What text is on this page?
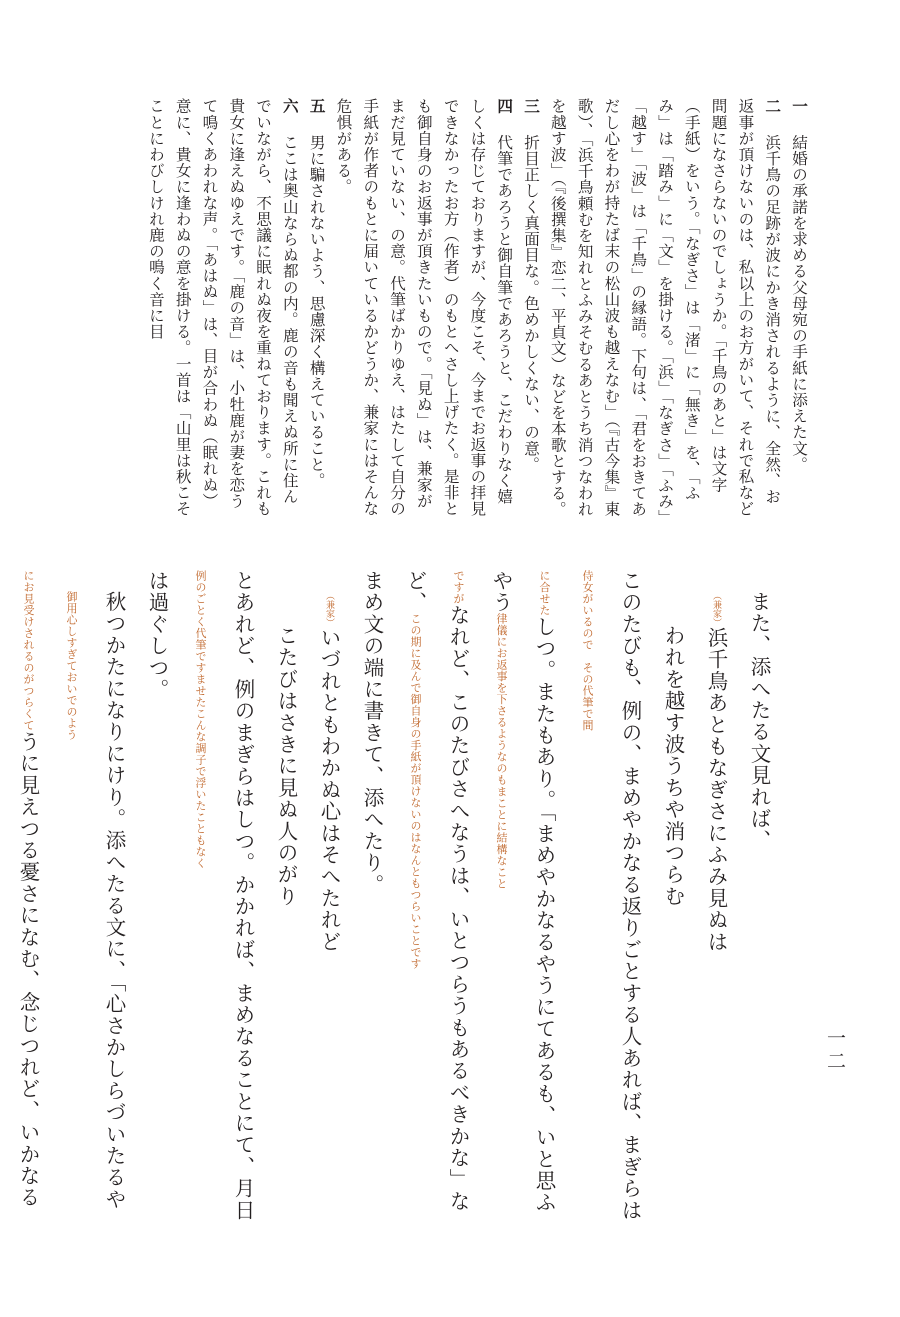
一二

一　結婚の承諾を求める父母宛の手紙に添えた文。

二　浜千鳥の足跡が波にかき消されるように、全然、お返事が頂けないのは、私以上のお方がいて、それで私など問題になさらないのでしょうか。「千鳥のあと」は文字（手紙）をいう。「なぎさ」は「渚」に「無き」を、「ふみ」は「踏み」に「文」を掛ける。「浜」「なぎさ」「ふみ」「越す」「波」は「千鳥」の縁語。下句は、「君をおきてあだし心をわが持たば末の松山波も越えなむ」（『古今集』東歌）、「浜千鳥頼むを知れとふみそむるあとうち消つなわれを越す波」（『後撰集』恋二、平貞文）などを本歌とする。

三　折目正しく真面目な。色めかしくない、の意。

四　代筆であろうと御自筆であろうと、こだわりなく嬉しくは存じておりますが、今度こそ、今までお返事の拝見できなかったお方（作者）のもとへさし上げたく。是非とも御自身のお返事が頂きたいもので。「見ぬ」は、兼家がまだ見ていない、の意。代筆ばかりゆえ、はたして自分の手紙が作者のもとに届いているかどうか、兼家にはそんな危惧がある。

五　男に騙されないよう、思慮深く構えていること。

六　ここは奥山ならぬ都の内。鹿の音も聞えぬ所に住んでいながら、不思議に眠れぬ夜を重ねております。これも貴女に逢えぬゆえです。「鹿の音」は、小牡鹿が妻を恋うて鳴くあわれな声。「あはぬ」は、目が合わぬ（眠れぬ）意に、貴女に逢わぬの意を掛ける。一首は「山里は秋こそことにわびしけれ鹿の鳴く音に目

また、添へたる文見れば、

（兼家）浜千鳥あともなぎさにふみ見ぬは

われを越す波うちや消つらむ

このたびも、例の、まめやかなる返りごとする人あれば、まぎらは侍女がいるので　その代筆で間

に合せたしつ。またもあり。「まめやかなるやうにてあるも、いと思ふやう律儀にお返事を下さるようなのもまことに結構なこと

ですがなれど、このたびさへなうは、いとつらうもあるべきかな」など、この期に及んで御自身の手紙が頂けないのはなんともつらいことです

まめ文の端に書きて、添へたり。

（兼家）いづれともわかぬ心はそへたれど

こたびはさきに見ぬ人のがり

とあれど、例のまぎらはしつ。かかれば、まめなることにて、月日例のごとく代筆ですませたこんな調子で浮いたこともなく

は過ぐしつ。

秋つかたになりにけり。添へたる文に、「心さかしらづいたるや御用心しすぎておいでのよう

にお見受けされるのがつらくてうに見えつる憂さになむ、念じつれど、いかなる
